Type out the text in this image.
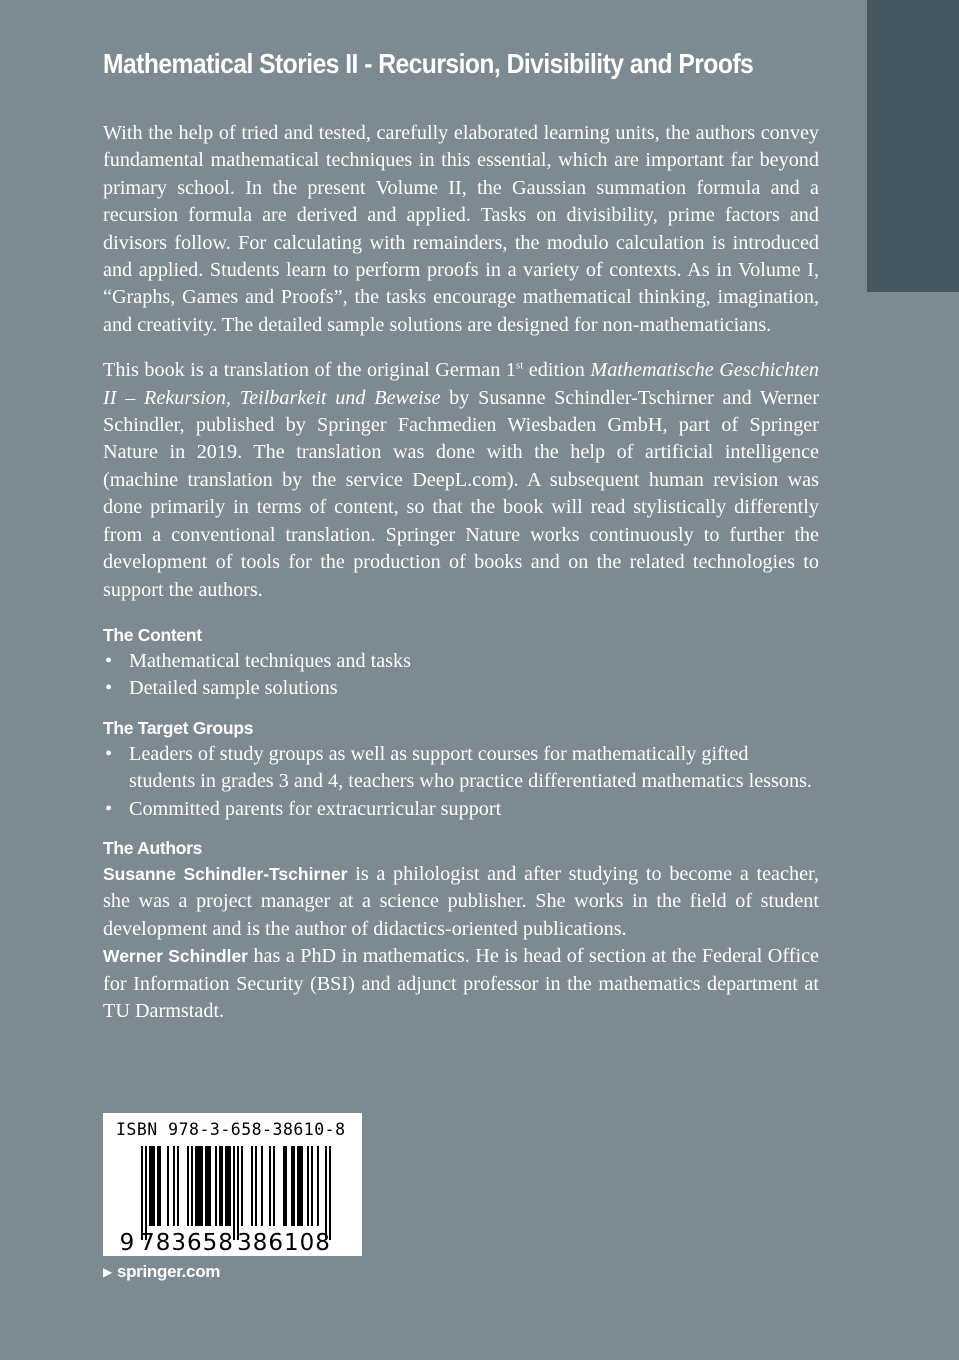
Mathematical Stories II - Recursion, Divisibility and Proofs

With the help of tried and tested, carefully elaborated learning units, the authors convey fundamental mathematical techniques in this essential, which are important far beyond primary school. In the present Volume II, the Gaussian summation formula and a recursion formula are derived and applied. Tasks on divisibility, prime factors and divisors follow. For calculating with remainders, the modulo calculation is introduced and applied. Students learn to perform proofs in a variety of contexts. As in Volume I, “Graphs, Games and Proofs”, the tasks encourage mathematical thinking, imagination, and creativity. The detailed sample solutions are designed for non-mathematicians.

This book is a translation of the original German 1st edition Mathematische Geschichten II – Rekursion, Teilbarkeit und Beweise by Susanne Schindler-Tschirner and Werner Schindler, published by Springer Fachmedien Wiesbaden GmbH, part of Springer Nature in 2019. The translation was done with the help of artificial intelligence (machine translation by the service DeepL.com). A subsequent human revision was done primarily in terms of content, so that the book will read stylistically differently from a conventional translation. Springer Nature works continuously to further the development of tools for the production of books and on the related technologies to support the authors.

The Content
• Mathematical techniques and tasks
• Detailed sample solutions
The Target Groups
• Leaders of study groups as well as support courses for mathematically gifted students in grades 3 and 4, teachers who practice differentiated mathematics lessons.
• Committed parents for extracurricular support
The Authors

Susanne Schindler-Tschirner is a philologist and after studying to become a teacher, she was a project manager at a science publisher. She works in the field of student development and is the author of didactics-oriented publications.

Werner Schindler has a PhD in mathematics. He is head of section at the Federal Office for Information Security (BSI) and adjunct professor in the mathematics department at TU Darmstadt.

ISBN 978-3-658-38610-8
9 783658 386108
▶ springer.com
